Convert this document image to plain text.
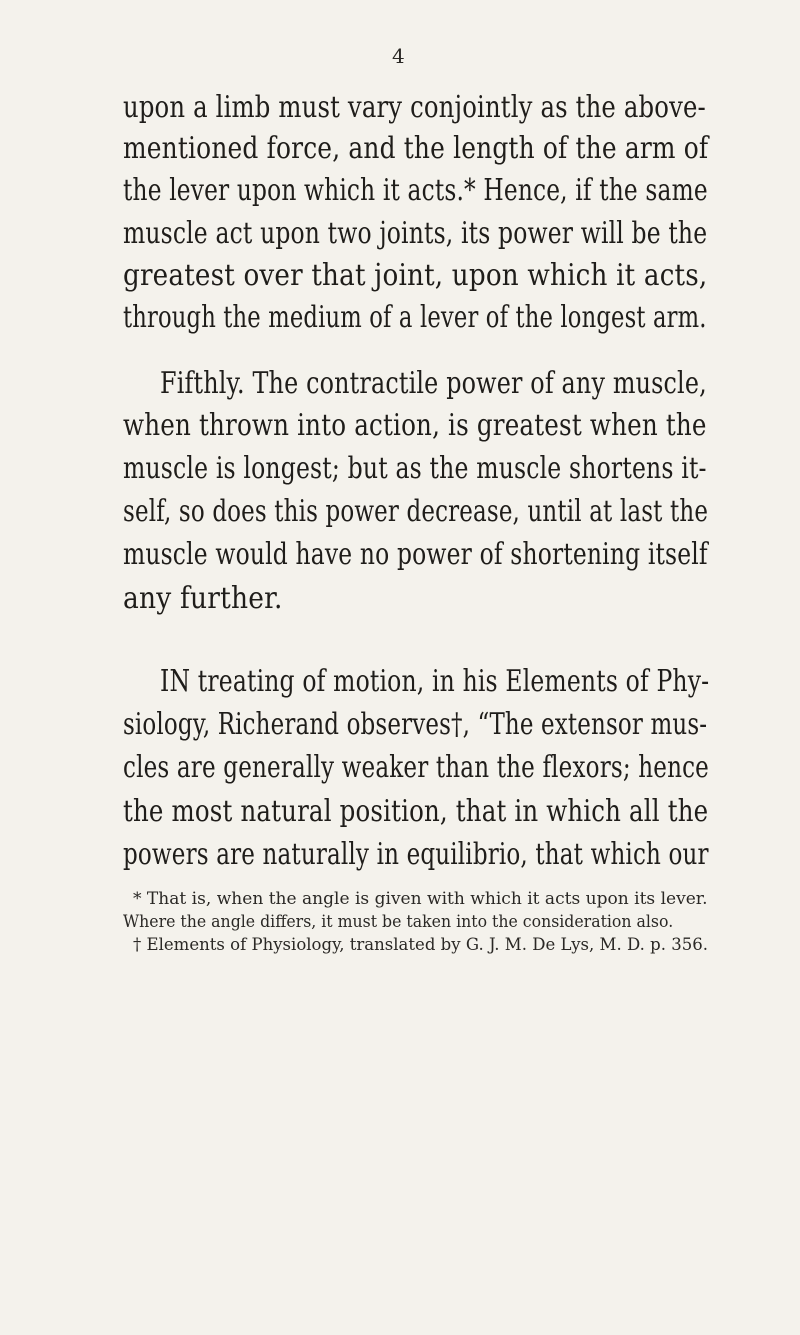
4
upon a limb must vary conjointly as the above-
mentioned force, and the length of the arm of
the lever upon which it acts.* Hence, if the same
muscle act upon two joints, its power will be the
greatest over that joint, upon which it acts,
through the medium of a lever of the longest arm.
Fifthly. The contractile power of any muscle,
when thrown into action, is greatest when the
muscle is longest; but as the muscle shortens it-
self, so does this power decrease, until at last the
muscle would have no power of shortening itself
any further.
IN treating of motion, in his Elements of Phy-
siology, Richerand observes†, “The extensor mus-
cles are generally weaker than the flexors; hence
the most natural position, that in which all the
powers are naturally in equilibrio, that which our
* That is, when the angle is given with which it acts upon its lever.
Where the angle differs, it must be taken into the consideration also.
† Elements of Physiology, translated by G. J. M. De Lys, M. D. p. 356.
